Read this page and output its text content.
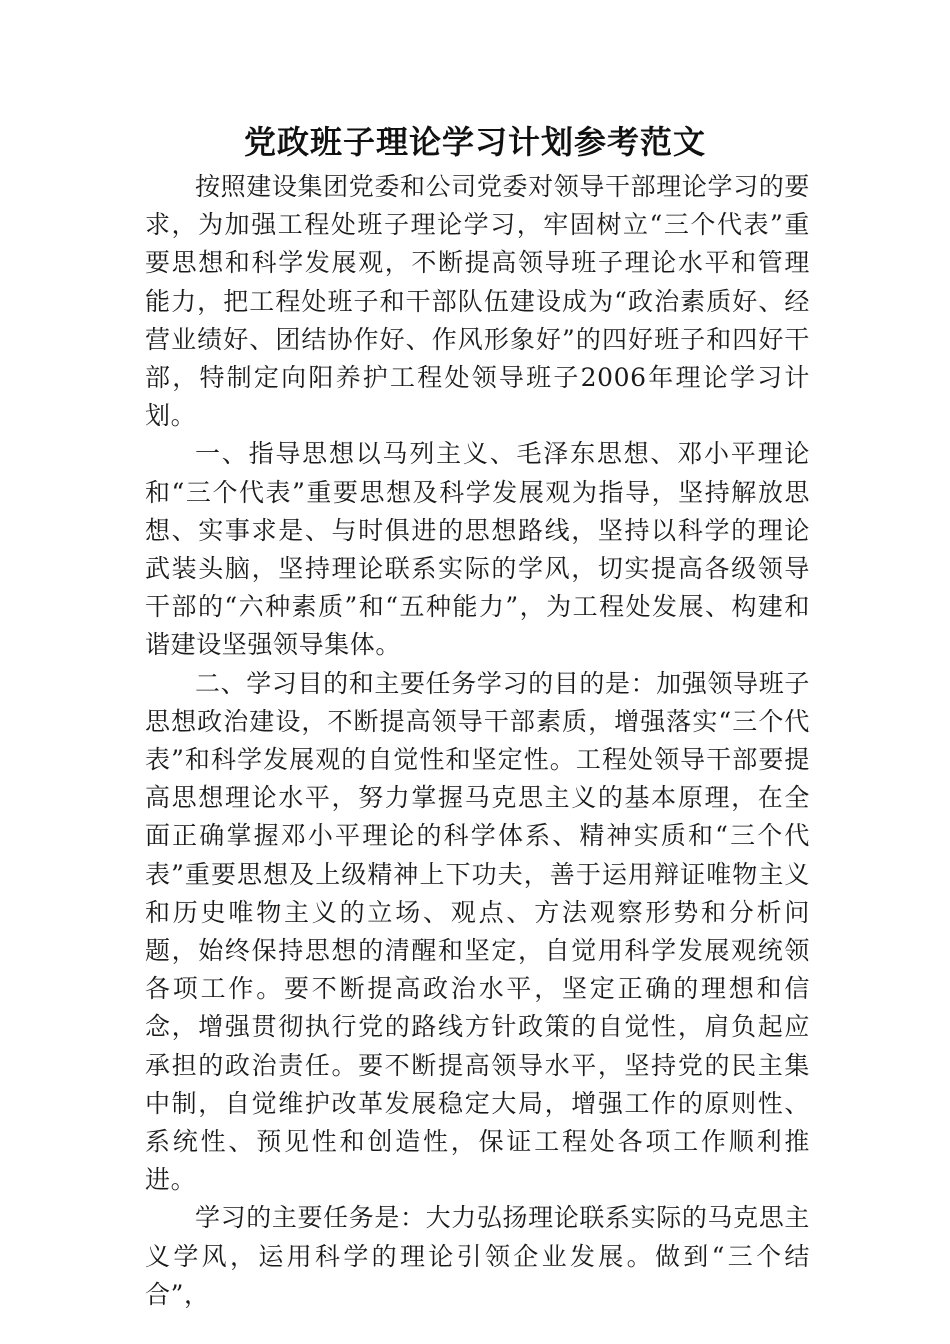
党政班子理论学习计划参考范文

按照建设集团党委和公司党委对领导干部理论学习的要求，为加强工程处班子理论学习，牢固树立“三个代表”重要思想和科学发展观，不断提高领导班子理论水平和管理能力，把工程处班子和干部队伍建设成为“政治素质好、经营业绩好、团结协作好、作风形象好”的四好班子和四好干部，特制定向阳养护工程处领导班子2006年理论学习计划。

一、指导思想以马列主义、毛泽东思想、邓小平理论和“三个代表”重要思想及科学发展观为指导，坚持解放思想、实事求是、与时俱进的思想路线，坚持以科学的理论武装头脑，坚持理论联系实际的学风，切实提高各级领导干部的“六种素质”和“五种能力”，为工程处发展、构建和谐建设坚强领导集体。

二、学习目的和主要任务学习的目的是：加强领导班子思想政治建设，不断提高领导干部素质，增强落实“三个代表”和科学发展观的自觉性和坚定性。工程处领导干部要提高思想理论水平，努力掌握马克思主义的基本原理，在全面正确掌握邓小平理论的科学体系、精神实质和“三个代表”重要思想及上级精神上下功夫，善于运用辩证唯物主义和历史唯物主义的立场、观点、方法观察形势和分析问题，始终保持思想的清醒和坚定，自觉用科学发展观统领各项工作。要不断提高政治水平，坚定正确的理想和信念，增强贯彻执行党的路线方针政策的自觉性，肩负起应承担的政治责任。要不断提高领导水平，坚持党的民主集中制，自觉维护改革发展稳定大局，增强工作的原则性、系统性、预见性和创造性，保证工程处各项工作顺利推进。

学习的主要任务是：大力弘扬理论联系实际的马克思主义学风，运用科学的理论引领企业发展。做到“三个结合”，
